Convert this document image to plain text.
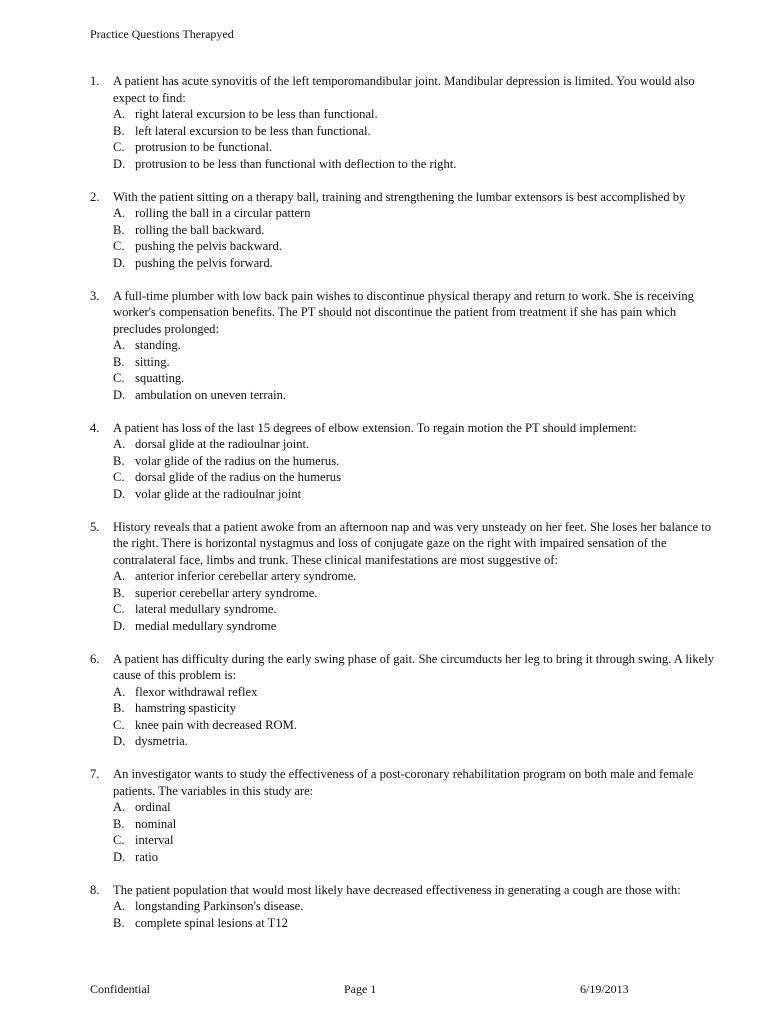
Practice Questions Therapyed
1.	A patient has acute synovitis of the left temporomandibular joint. Mandibular depression is limited. You would also expect to find:
A. right lateral excursion to be less than functional.
B. left lateral excursion to be less than functional.
C. protrusion to be functional.
D. protrusion to be less than functional with deflection to the right.
2.	With the patient sitting on a therapy ball, training and strengthening the lumbar extensors is best accomplished by
A. rolling the ball in a circular pattern
B. rolling the ball backward.
C. pushing the pelvis backward.
D. pushing the pelvis forward.
3.	A full-time plumber with low back pain wishes to discontinue physical therapy and return to work. She is receiving worker's compensation benefits. The PT should not discontinue the patient from treatment if she has pain which precludes prolonged:
A. standing.
B. sitting.
C. squatting.
D. ambulation on uneven terrain.
4.	A patient has loss of the last 15 degrees of elbow extension. To regain motion the PT should implement:
A. dorsal glide at the radioulnar joint.
B. volar glide of the radius on the humerus.
C. dorsal glide of the radius on the humerus
D. volar glide at the radioulnar joint
5.	History reveals that a patient awoke from an afternoon nap and was very unsteady on her feet. She loses her balance to the right. There is horizontal nystagmus and loss of conjugate gaze on the right with impaired sensation of the contralateral face, limbs and trunk. These clinical manifestations are most suggestive of:
A. anterior inferior cerebellar artery syndrome.
B. superior cerebellar artery syndrome.
C. lateral medullary syndrome.
D. medial medullary syndrome
6.	A patient has difficulty during the early swing phase of gait. She circumducts her leg to bring it through swing. A likely cause of this problem is:
A. flexor withdrawal reflex
B. hamstring spasticity
C. knee pain with decreased ROM.
D. dysmetria.
7.	An investigator wants to study the effectiveness of a post-coronary rehabilitation program on both male and female patients. The variables in this study are:
A. ordinal
B. nominal
C. interval
D. ratio
8.	The patient population that would most likely have decreased effectiveness in generating a cough are those with:
A. longstanding Parkinson's disease.
B. complete spinal lesions at T12
Confidential	Page 1	6/19/2013
